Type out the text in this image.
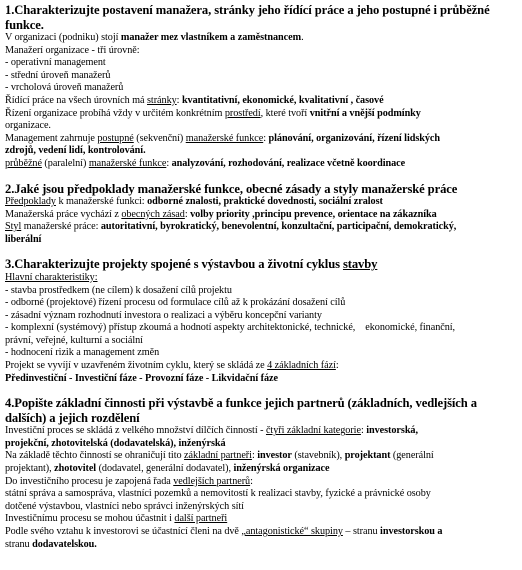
1.Charakterizujte postavení manažera, stránky jeho řídící práce a jeho postupné i průběžné
funkce.
V organizaci (podniku) stojí manažer mez vlastníkem a zaměstnancem.
Manažerí organizace - tři úrovně:
- operativní management
- střední úroveň manažerů
- vrcholová úroveň manažerů
Řídící práce na všech úrovních má stránky: kvantitativní, ekonomické, kvalitativní , časové
Řízení organizace probíhá vždy v určitém konkrétním prostředí, které tvoří vnitřní a vnější podmínky
organizace.
Management zahrnuje postupné (sekvenční) manažerské funkce: plánování, organizování, řízení lidských
zdrojů, vedení lidí, kontrolování.
průběžné (paralelní) manažerské funkce: analyzování, rozhodování, realizace včetně koordinace
2.Jaké jsou předpoklady manažerské funkce, obecné zásady a styly manažerské práce
Předpoklady k manažerské funkci: odborné znalosti, praktické dovednosti, sociální zralost
Manažerská práce vychází z obecných zásad: volby priority ,principu prevence, orientace na zákazníka
Styl manažerské práce: autoritativní, byrokratický, benevolentní, konzultační, participační, demokratický,
liberální
3.Charakterizujte projekty spojené s výstavbou a životní cyklus stavby
Hlavní charakteristiky:
- stavba prostředkem (ne cílem) k dosažení cílů projektu
- odborné (projektové) řízení procesu od formulace cílů až k prokázání dosažení cílů
- zásadní význam rozhodnutí investora o realizaci a výběru koncepční varianty
- komplexní (systémový) přístup zkoumá a hodnotí aspekty architektonické, technické,    ekonomické, finanční,
právní, veřejné, kulturní a sociální
- hodnocení rizik a management změn
Projekt se vyvíjí v uzavřeném životním cyklu, který se skládá ze 4 základních fází:
Předinvestiční - Investiční fáze - Provozní fáze - Likvidační fáze
4.Popište základní činnosti při výstavbě a funkce jejich partnerů (základních, vedlejších a
dalších) a jejich rozdělení
Investiční proces se skládá z velkého množství dílčích činností - čtyři základní kategorie: investorská,
projekční, zhotovitelská (dodavatelská), inženýrská
Na základě těchto činností se ohraničují tito základní partneři: investor (stavebník), projektant (generální
projektant), zhotovitel (dodavatel, generální dodavatel), inženýrská organizace
Do investičního procesu je zapojená řada vedlejších partnerů:
státní správa a samospráva, vlastníci pozemků a nemovitostí k realizaci stavby, fyzické a právnické osoby
dotčené výstavbou, vlastníci nebo správci inženýrských sítí
Investičnímu procesu se mohou účastnit i další partneři
Podle svého vztahu k investorovi se účastnící členi na dvě „antagonistické“ skupiny – stranu investorskou a
stranu dodavatelskou.
